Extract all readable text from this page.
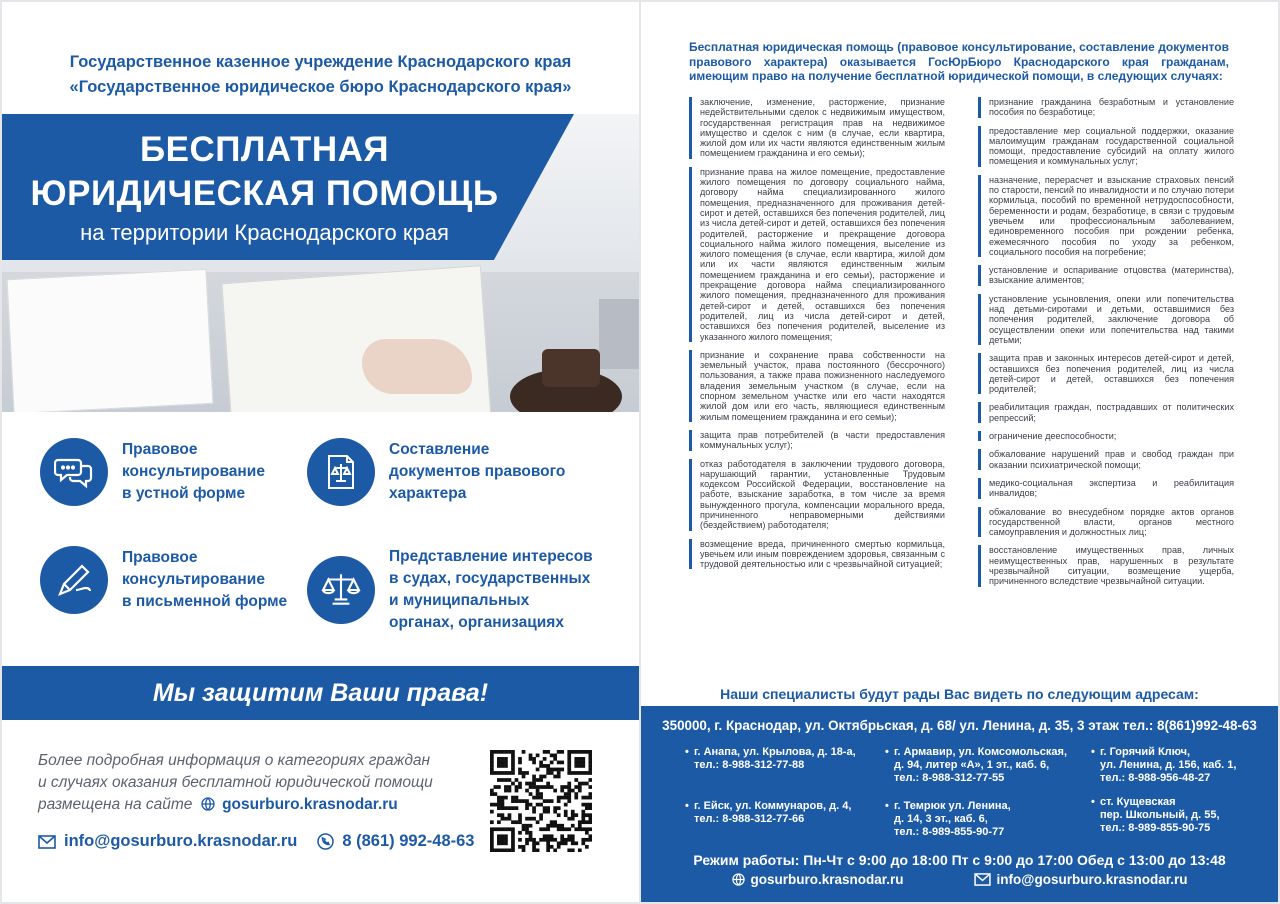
Государственное казенное учреждение Краснодарского края
«Государственное юридическое бюро Краснодарского края»
БЕСПЛАТНАЯ
ЮРИДИЧЕСКАЯ ПОМОЩЬ
на территории Краснодарского края
Правовое
консультирование
в устной форме
Составление
документов правового
характера
Правовое
консультирование
в письменной форме
Представление интересов
в судах, государственных
и муниципальных
органах, организациях
Мы защитим Ваши права!
Более подробная информация о категориях граждан
и случаях оказания бесплатной юридической помощи
размещена на сайте gosurburo.krasnodar.ru
info@gosurburo.krasnodar.ru	8 (861) 992-48-63
Бесплатная юридическая помощь (правовое консультирование, составление документов правового характера) оказывается ГосЮрБюро Краснодарского края гражданам, имеющим право на получение бесплатной юридической помощи, в следующих случаях:
заключение, изменение, расторжение, признание недействительными сделок с недвижимым имуществом, государственная регистрация прав на недвижимое имущество и сделок с ним (в случае, если квартира, жилой дом или их части являются единственным жилым помещением гражданина и его семьи);
признание права на жилое помещение, предоставление жилого помещения по договору социального найма, договору найма специализированного жилого помещения, предназначенного для проживания детей-сирот и детей, оставшихся без попечения родителей, лиц из числа детей-сирот и детей, оставшихся без попечения родителей, расторжение и прекращение договора социального найма жилого помещения, выселение из жилого помещения (в случае, если квартира, жилой дом или их части являются единственным жилым помещением гражданина и его семьи), расторжение и прекращение договора найма специализированного жилого помещения, предназначенного для проживания детей-сирот и детей, оставшихся без попечения родителей, лиц из числа детей-сирот и детей, оставшихся без попечения родителей, выселение из указанного жилого помещения;
признание и сохранение права собственности на земельный участок, права постоянного (бессрочного) пользования, а также права пожизненного наследуемого владения земельным участком (в случае, если на спорном земельном участке или его части находятся жилой дом или его часть, являющиеся единственным жилым помещением гражданина и его семьи);
защита прав потребителей (в части предоставления коммунальных услуг);
отказ работодателя в заключении трудового договора, нарушающий гарантии, установленные Трудовым кодексом Российской Федерации, восстановление на работе, взыскание заработка, в том числе за время вынужденного прогула, компенсации морального вреда, причиненного неправомерными действиями (бездействием) работодателя;
возмещение вреда, причиненного смертью кормильца, увечьем или иным повреждением здоровья, связанным с трудовой деятельностью или с чрезвычайной ситуацией;
признание гражданина безработным и установление пособия по безработице;
предоставление мер социальной поддержки, оказание малоимущим гражданам государственной социальной помощи, предоставление субсидий на оплату жилого помещения и коммунальных услуг;
назначение, перерасчет и взыскание страховых пенсий по старости, пенсий по инвалидности и по случаю потери кормильца, пособий по временной нетрудоспособности, беременности и родам, безработице, в связи с трудовым увечьем или профессиональным заболеванием, единовременного пособия при рождении ребенка, ежемесячного пособия по уходу за ребенком, социального пособия на погребение;
установление и оспаривание отцовства (материнства), взыскание алиментов;
установление усыновления, опеки или попечительства над детьми-сиротами и детьми, оставшимися без попечения родителей, заключение договора об осуществлении опеки или попечительства над такими детьми;
защита прав и законных интересов детей-сирот и детей, оставшихся без попечения родителей, лиц из числа детей-сирот и детей, оставшихся без попечения родителей;
реабилитация граждан, пострадавших от политических репрессий;
ограничение дееспособности;
обжалование нарушений прав и свобод граждан при оказании психиатрической помощи;
медико-социальная экспертиза и реабилитация инвалидов;
обжалование во внесудебном порядке актов органов государственной власти, органов местного самоуправления и должностных лиц;
восстановление имущественных прав, личных неимущественных прав, нарушенных в результате чрезвычайной ситуации, возмещение ущерба, причиненного вследствие чрезвычайной ситуации.
Наши специалисты будут рады Вас видеть по следующим адресам:
350000, г. Краснодар, ул. Октябрьская, д. 68/ ул. Ленина, д. 35, 3 этаж тел.: 8(861)992-48-63
• г. Анапа, ул. Крылова, д. 18-а,
тел.: 8-988-312-77-88
• г. Армавир, ул. Комсомольская,
д. 94, литер «А», 1 эт., каб. 6,
тел.: 8-988-312-77-55
• г. Горячий Ключ,
ул. Ленина, д. 156, каб. 1,
тел.: 8-988-956-48-27
• г. Ейск, ул. Коммунаров, д. 4,
тел.: 8-988-312-77-66
• г. Темрюк ул. Ленина,
д. 14, 3 эт., каб. 6,
тел.: 8-989-855-90-77
• ст. Кущевская
пер. Школьный, д. 55,
тел.: 8-989-855-90-75
Режим работы: Пн-Чт с 9:00 до 18:00 Пт с 9:00 до 17:00 Обед с 13:00 до 13:48
gosurburo.krasnodar.ru	info@gosurburo.krasnodar.ru
